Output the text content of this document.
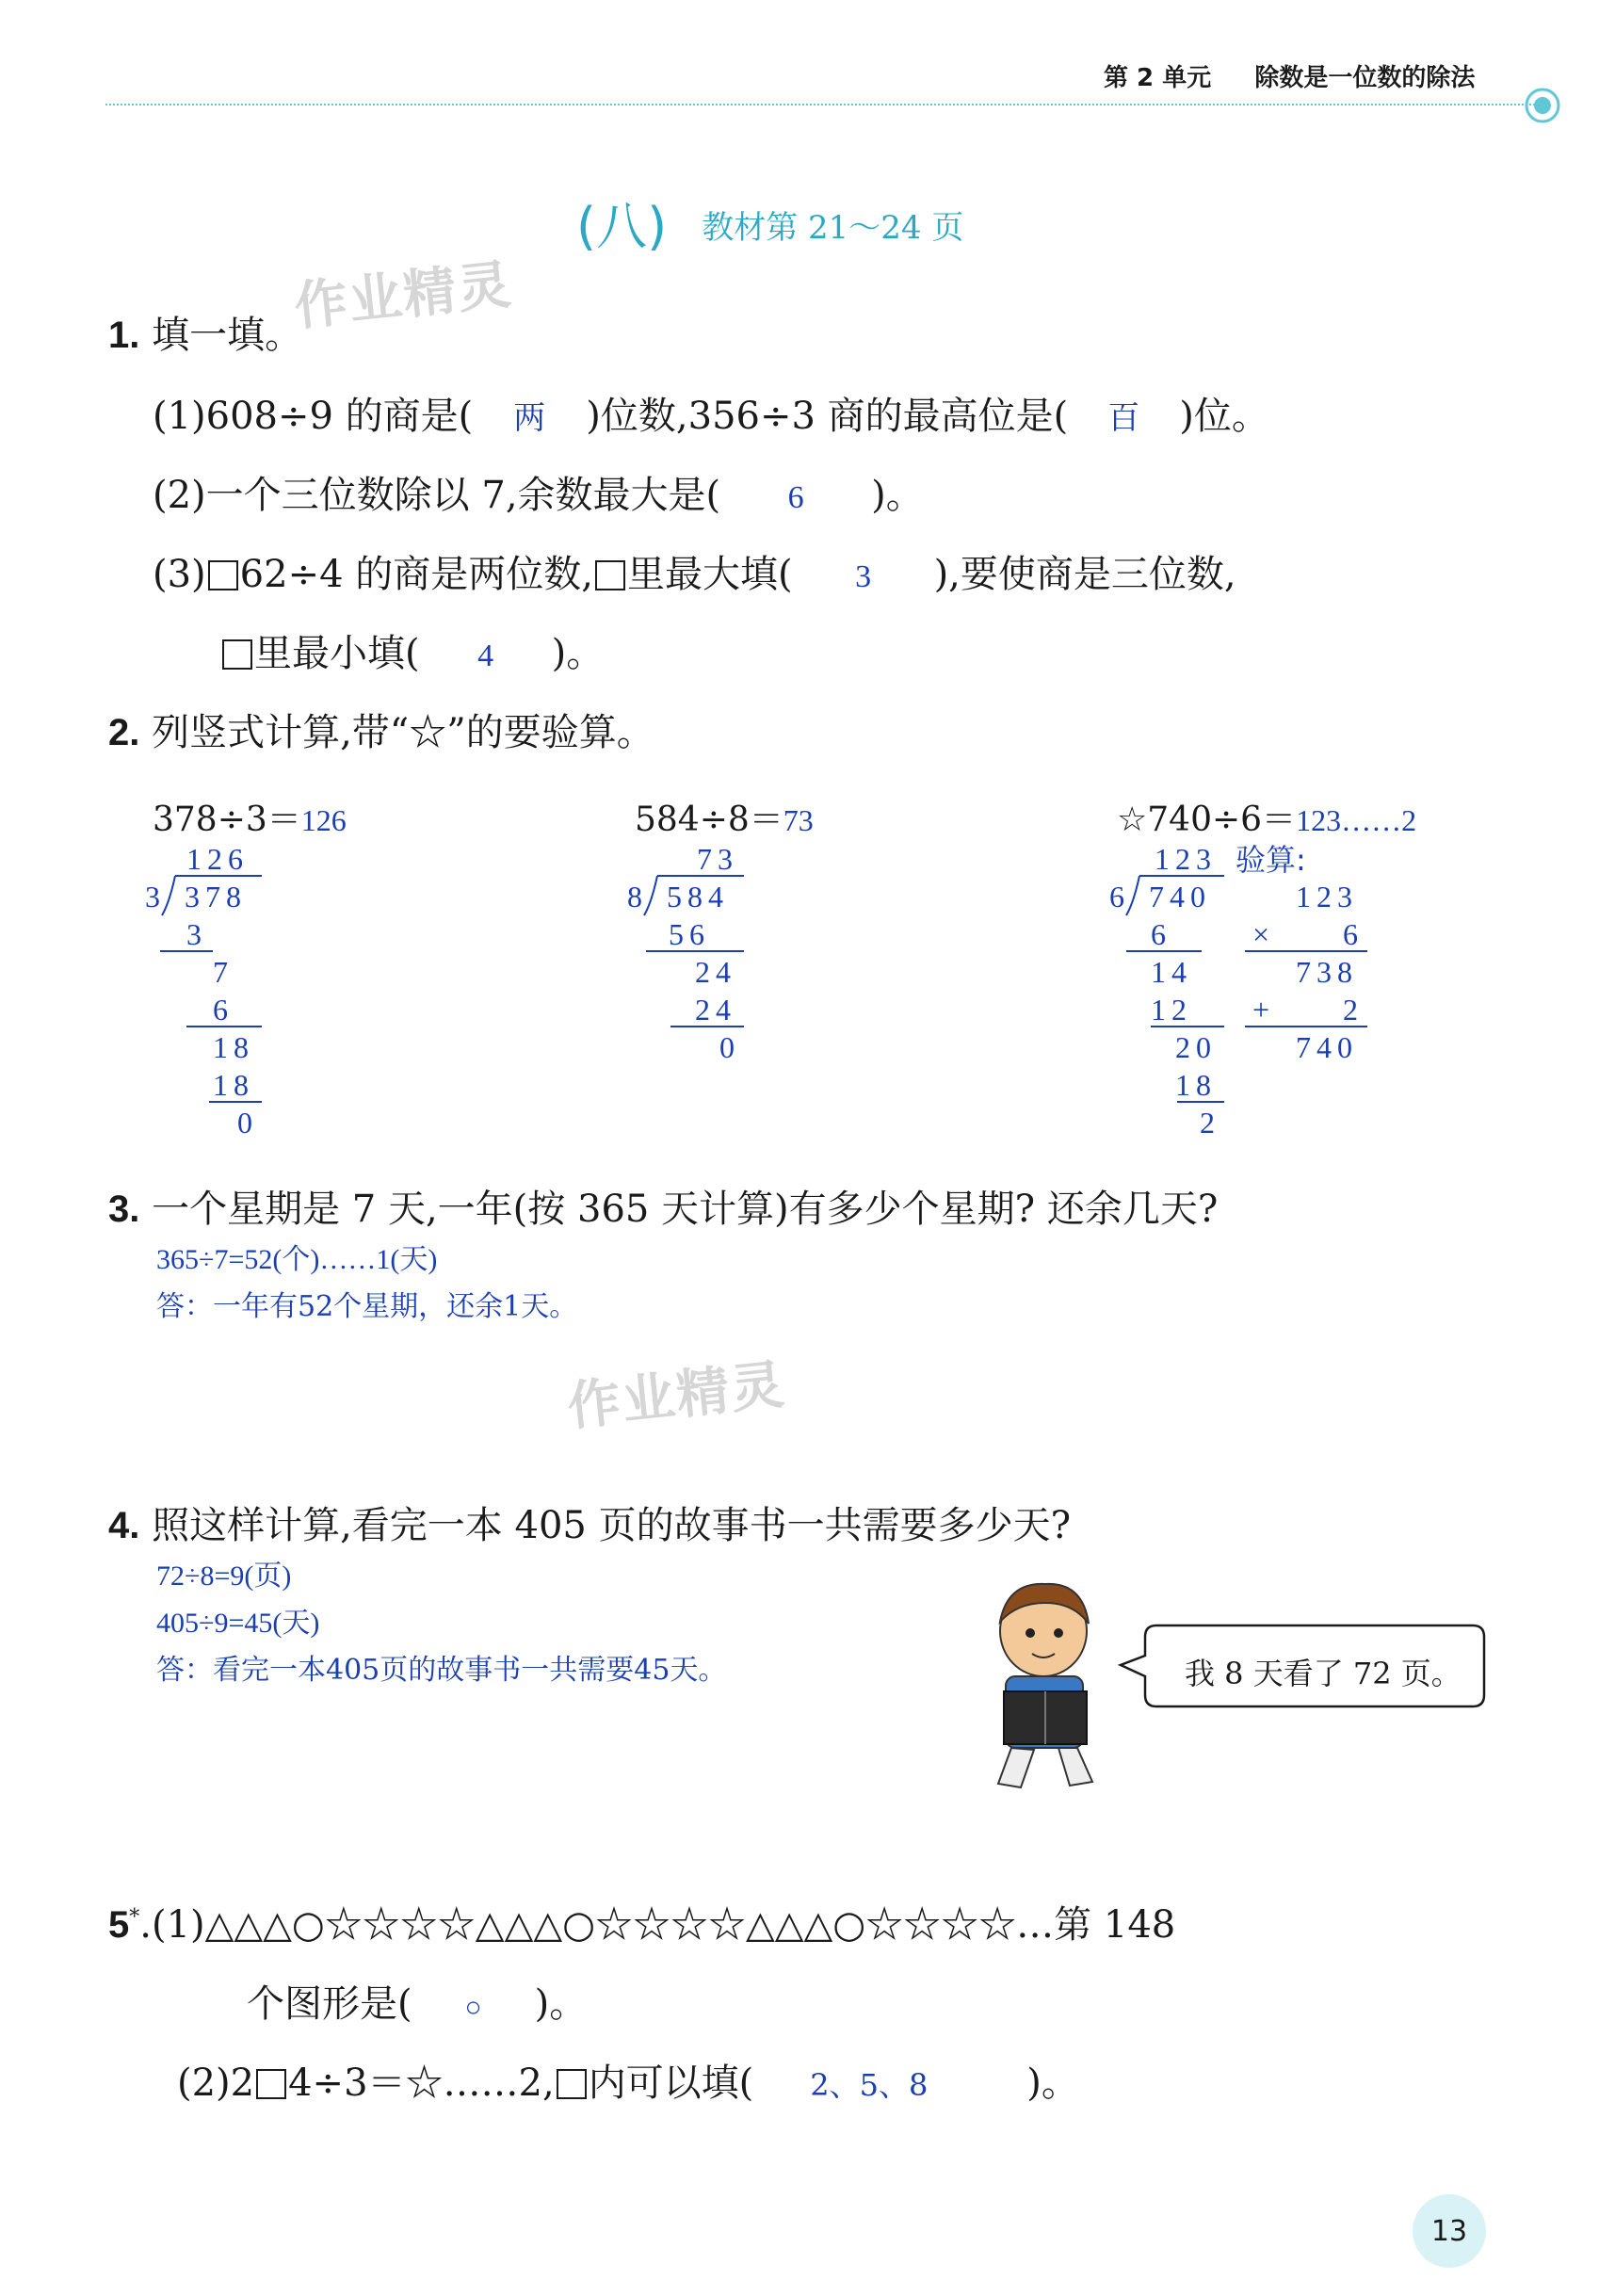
第 2 单元 除数是一位数的除法
(八) 教材第 21～24 页
作业精灵
作业精灵
1. 填一填。
(1)608÷9 的商是( 两 )位数,356÷3 商的最高位是( 百 )位。
(2)一个三位数除以 7,余数最大是( 6 )。
(3) 62÷4 的商是两位数, 里最大填( 3 ),要使商是三位数,
里最小填( 4 )。
2. 列竖式计算,带“☆”的要验算。
378÷3＝126	584÷8＝73	☆740÷6＝123……2
126
3 378
3
7
6
18
18
0
73
8 584
56
24
24
0
123 验算:
6 740
6
14
12
20
18
2
123
× 6
738
+ 2
740
3. 一个星期是 7 天,一年(按 365 天计算)有多少个星期? 还余几天?
365÷7=52(个)……1(天)
答：一年有52个星期，还余1天。
4. 照这样计算,看完一本 405 页的故事书一共需要多少天?
72÷8=9(页)
405÷9=45(天)
答：看完一本405页的故事书一共需要45天。	我 8 天看了 72 页。
5*.(1)△△△○☆☆☆☆△△△○☆☆☆☆△△△○☆☆☆☆…第 148
个图形是( ○ )。
(2)2 4÷3＝☆……2, 内可以填( 2、5、8	)。
13
